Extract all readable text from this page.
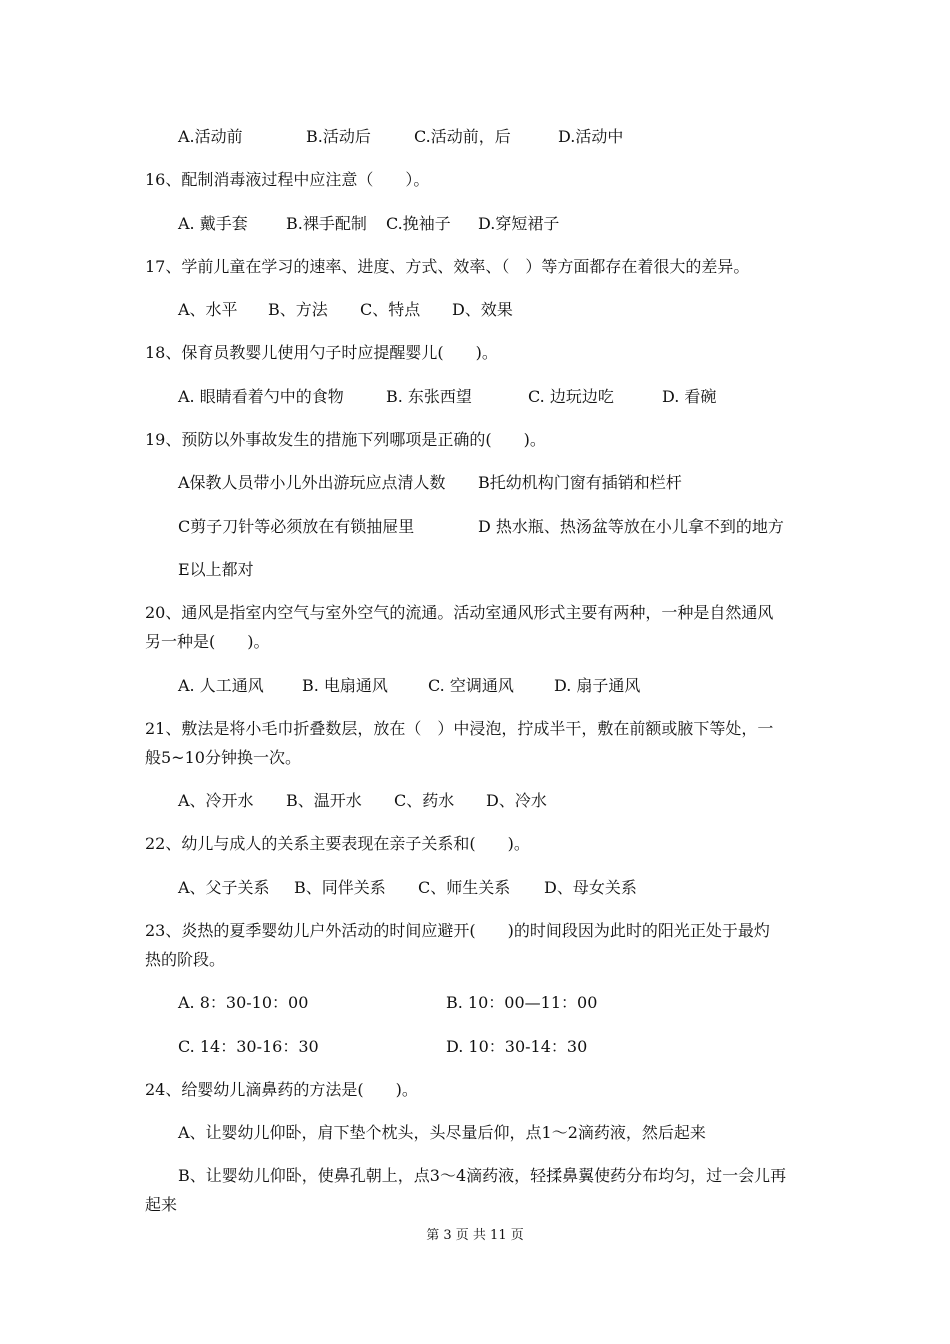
A.活动前	B.活动后	C.活动前，后	D.活动中
16、配制消毒液过程中应注意（　　）。
A. 戴手套	B.裸手配制	C.挽袖子	D.穿短裙子
17、学前儿童在学习的速率、进度、方式、效率、（　）等方面都存在着很大的差异。
A、水平	B、方法	C、特点	D、效果
18、保育员教婴儿使用勺子时应提醒婴儿(　　)。
A. 眼睛看着勺中的食物	B. 东张西望	C. 边玩边吃	D. 看碗
19、预防以外事故发生的措施下列哪项是正确的(　　)。
A保教人员带小儿外出游玩应点清人数	B托幼机构门窗有插销和栏杆
C剪子刀针等必须放在有锁抽屉里	D 热水瓶、热汤盆等放在小儿拿不到的地方
E以上都对
20、通风是指室内空气与室外空气的流通。活动室通风形式主要有两种，一种是自然通风
另一种是(　　)。
A. 人工通风	B. 电扇通风	C. 空调通风	D. 扇子通风
21、敷法是将小毛巾折叠数层，放在（　）中浸泡，拧成半干，敷在前额或腋下等处，一
般5~10分钟换一次。
A、冷开水	B、温开水	C、药水	D、冷水
22、幼儿与成人的关系主要表现在亲子关系和(　　)。
A、父子关系	B、同伴关系	C、师生关系	D、母女关系
23、炎热的夏季婴幼儿户外活动的时间应避开(　　)的时间段因为此时的阳光正处于最灼
热的阶段。
A. 8：30-10：00	B. 10：00—11：00
C. 14：30-16：30	D. 10：30-14：30
24、给婴幼儿滴鼻药的方法是(　　)。
A、让婴幼儿仰卧，肩下垫个枕头，头尽量后仰，点1～2滴药液，然后起来
B、让婴幼儿仰卧，使鼻孔朝上，点3～4滴药液，轻揉鼻翼使药分布均匀，过一会儿再
起来
第 3 页 共 11 页
